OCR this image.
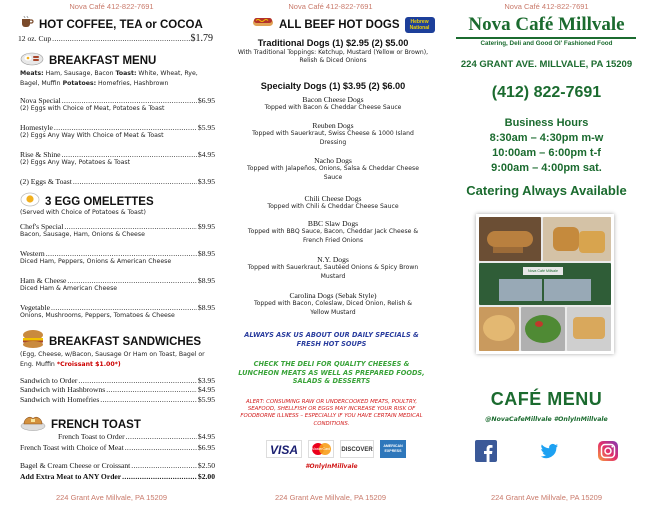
Nova Café 412-822-7691
HOT COFFEE, TEA or COCOA
12 oz. Cup .....	$1.79
BREAKFAST MENU
Meats: Ham, Sausage, Bacon Toast: White, Wheat, Rye, Bagel, Muffin Potatoes: Homefries, Hashbrown
Nova Special .....	$6.95
(2) Eggs with Choice of Meat, Potatoes & Toast
Homestyle .....	$5.95
(2) Eggs Any Way With Choice of Meat & Toast
Rise & Shine .....	$4.95
(2) Eggs Any Way, Potatoes & Toast
(2) Eggs & Toast .....	$3.95
3 EGG OMELETTES
(Served with Choice of Potatoes & Toast)
Chef's Special .....	$9.95
Bacon, Sausage, Ham, Onions & Cheese
Western .....	$8.95
Diced Ham, Peppers, Onions & American Cheese
Ham & Cheese .....	$8.95
Diced Ham & American Cheese
Vegetable .....	$8.95
Onions, Mushrooms, Peppers, Tomatoes & Cheese
BREAKFAST SANDWICHES
(Egg, Cheese, w/Bacon, Sausage Or Ham on Toast, Bagel or Eng. Muffin *Croissant $1.00*)
Sandwich to Order .....	$3.95
Sandwich with Hashbrowns .....	$4.95
Sandwich with Homefries .....	$5.95
FRENCH TOAST
French Toast to Order .....	$4.95
French Toast with Choice of Meat .....	$6.95
Bagel & Cream Cheese or Croissant .....	$2.50
Add Extra Meat to ANY Order .....	$2.00
224 Grant Ave Millvale, PA 15209
Nova Café 412-822-7691
ALL BEEF HOT DOGS	Hebrew National
Traditional Dogs (1) $2.95 (2) $5.00
With Traditional Toppings: Ketchup, Mustard (Yellow or Brown), Relish & Diced Onions
Specialty Dogs (1) $3.95 (2) $6.00
Bacon Cheese Dogs
Topped with Bacon & Cheddar Cheese Sauce
Reuben Dogs
Topped with Sauerkraut, Swiss Cheese & 1000 Island Dressing
Nacho Dogs
Topped with Jalapeños, Onions, Salsa & Cheddar Cheese Sauce
Chili Cheese Dogs
Topped with Chili & Cheddar Cheese Sauce
BBC Slaw Dogs
Topped with BBQ Sauce, Bacon, Cheddar Jack Cheese & French Fried Onions
N.Y. Dogs
Topped with Sauerkraut, Sautéed Onions & Spicy Brown Mustard
Carolina Dogs (Sebak Style)
Topped with Bacon, Coleslaw, Diced Onion, Relish & Yellow Mustard
ALWAYS ASK US ABOUT OUR DAILY SPECIALS & FRESH HOT SOUPS
CHECK THE DELI FOR QUALITY CHEESES & LUNCHEON MEATS AS WELL AS PREPARED FOODS, SALADS & DESSERTS
ALERT: CONSUMING RAW OR UNDERCOOKED MEATS, POULTRY, SEAFOOD, SHELLFISH OR EGGS MAY INCREASE YOUR RISK OF FOODBORNE ILLNESS – ESPECIALLY IF YOU HAVE CERTAIN MEDICAL CONDITIONS.
VISA	MasterCard	DISCOVER
AMERICAN EXPRESS
#OnlyInMillvale
224 Grant Ave Millvale, PA 15209
Nova Café 412-822-7691
Nova Café Millvale
Catering, Deli and Good Ol' Fashioned Food
224 GRANT AVE. MILLVALE, PA 15209
(412) 822-7691
Business Hours
8:30am – 4:30pm m-w
10:00am – 6:00pm t-f
9:00am – 4:00pm sat.
Catering Always Available
Nova Café Millvale
CAFÉ MENU
@NovaCafeMillvale #OnlyInMillvale
224 Grant Ave Millvale, PA 15209
